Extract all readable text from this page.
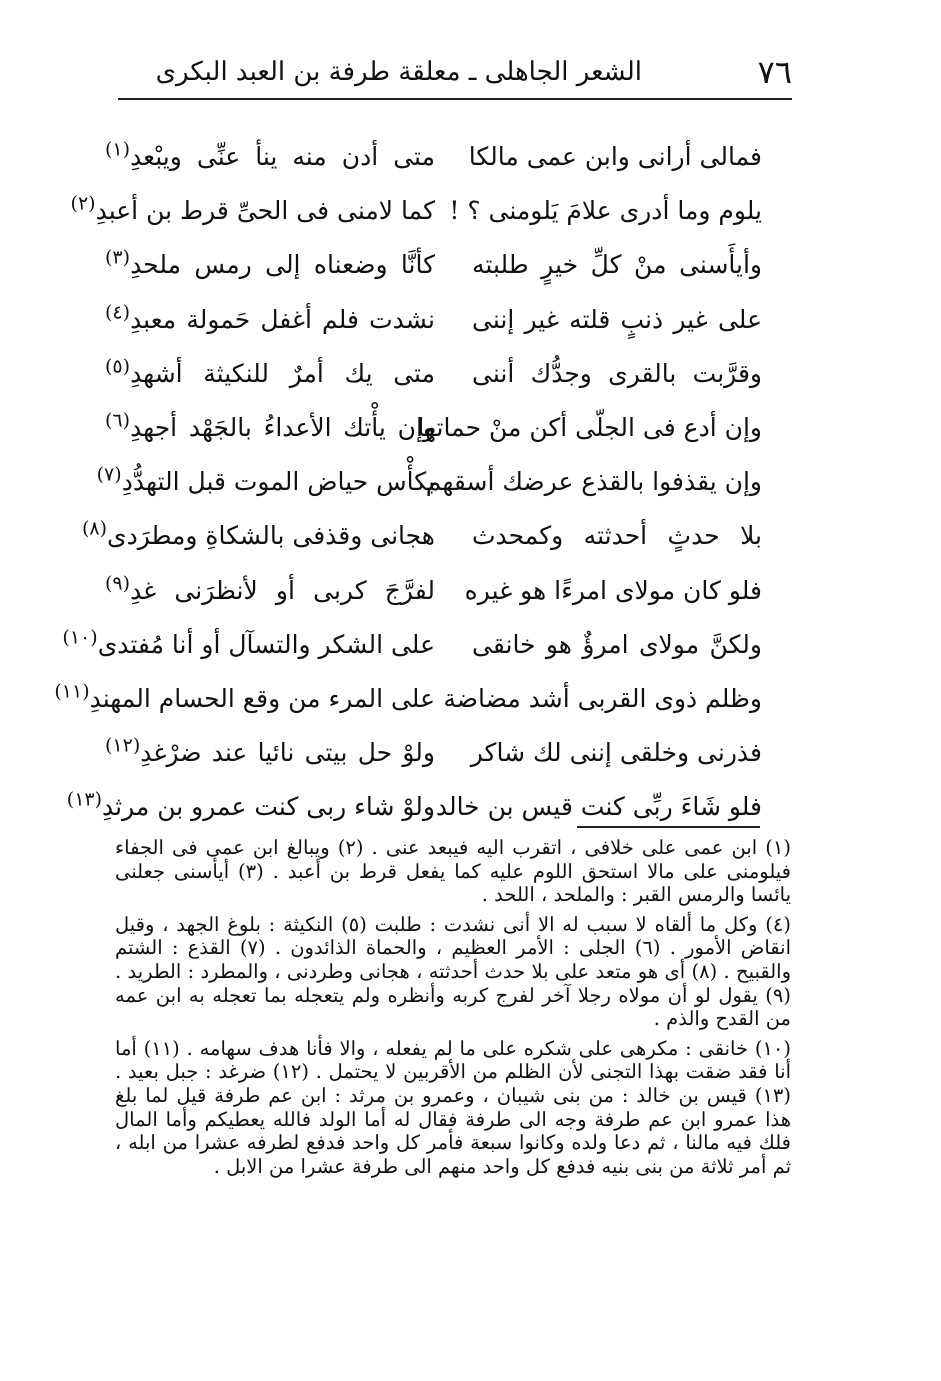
٧٦
الشعر الجاهلى ـ معلقة طرفة بن العبد البكرى
فمالى أرانى وابن عمى مالكا
متى أدن منه ينأ عنِّى ويبْعدِ$^{(١)}$
يلوم وما أدرى علامَ يَلومنى ؟ !
كما لامنى فى الحىِّ قرط بن أعبدِ$^{(٢)}$
وأيأَسنى منْ كلِّ خيرٍ طلبته
كأنَّا وضعناه إلى رمس ملحدِ$^{(٣)}$
على غير ذنبٍ قلته غير إننى
نشدت فلم أغفل حَمولة معبدِ$^{(٤)}$
وقرَّبت بالقرى وجدُّك أننى
متى يك أمرٌ للنكيثة أشهدِ$^{(٥)}$
وإن أدع فى الجلّى أكن منْ حماتها
وإن يأْتك الأعداءُ بالجَهْد أجهدِ$^{(٦)}$
وإن يقذفوا بالقذع عرضك أسقهم
بكأْس حياض الموت قبل التهدُّدِ$^{(٧)}$
بلا حدثٍ أحدثته وكمحدث
هجانى وقذفى بالشكاةِ ومطرَدى$^{(٨)}$
فلو كان مولاى امرءًا هو غيره
لفرَّجَ كربى أو لأنظرَنى غدِ$^{(٩)}$
ولكنَّ مولاى امرؤٌ هو خانقى
على الشكر والتسآل أو أنا مُفتدى$^{(١٠)}$
وظلم ذوى القربى أشد مضاضة
على المرء من وقع الحسام المهندِ$^{(١١)}$
فذرنى وخلقى إننى لك شاكر
ولوْ حل بيتى نائيا عند ضرْغدِ$^{(١٢)}$
فلو شَاءَ ربِّى كنت قيس بن خالد
ولوْ شاء ربى كنت عمرو بن مرثدِ$^{(١٣)}$

(١) ابن عمى على خلافى ، اتقرب اليه فيبعد عنى . (٢) ويبالغ ابن عمى فى الجفاء فيلومنى على مالا استحق اللوم عليه كما يفعل قرط بن أعبد . (٣) أيأسنى جعلنى يائسا والرمس القبر : والملحد ، اللحد .

(٤) وكل ما ألقاه لا سبب له الا أنى نشدت : طلبت (٥) النكيثة : بلوغ الجهد ، وقيل انقاض الأمور . (٦) الجلى : الأمر العظيم ، والحماة الذائدون . (٧) القذع : الشتم والقبيح . (٨) أى هو متعد على بلا حدث أحدثته ، هجانى وطردنى ، والمطرد : الطريد . (٩) يقول لو أن مولاه رجلا آخر لفرج كربه وأنظره ولم يتعجله بما تعجله به ابن عمه من القدح والذم .

(١٠) خانقى : مكرهى على شكره على ما لم يفعله ، والا فأنا هدف سهامه . (١١) أما أنا فقد ضقت بهذا التجنى لأن الظلم من الأقربين لا يحتمل . (١٢) ضرغد : جبل بعيد . (١٣) قيس بن خالد : من بنى شيبان ، وعمرو بن مرثد : ابن عم طرفة قيل لما بلغ هذا عمرو ابن عم طرفة وجه الى طرفة فقال له أما الولد فالله يعطيكم وأما المال فلك فيه مالنا ، ثم دعا ولده وكانوا سبعة فأمر كل واحد فدفع لطرفه عشرا من ابله ، ثم أمر ثلاثة من بنى بنيه فدفع كل واحد منهم الى طرفة عشرا من الابل .
